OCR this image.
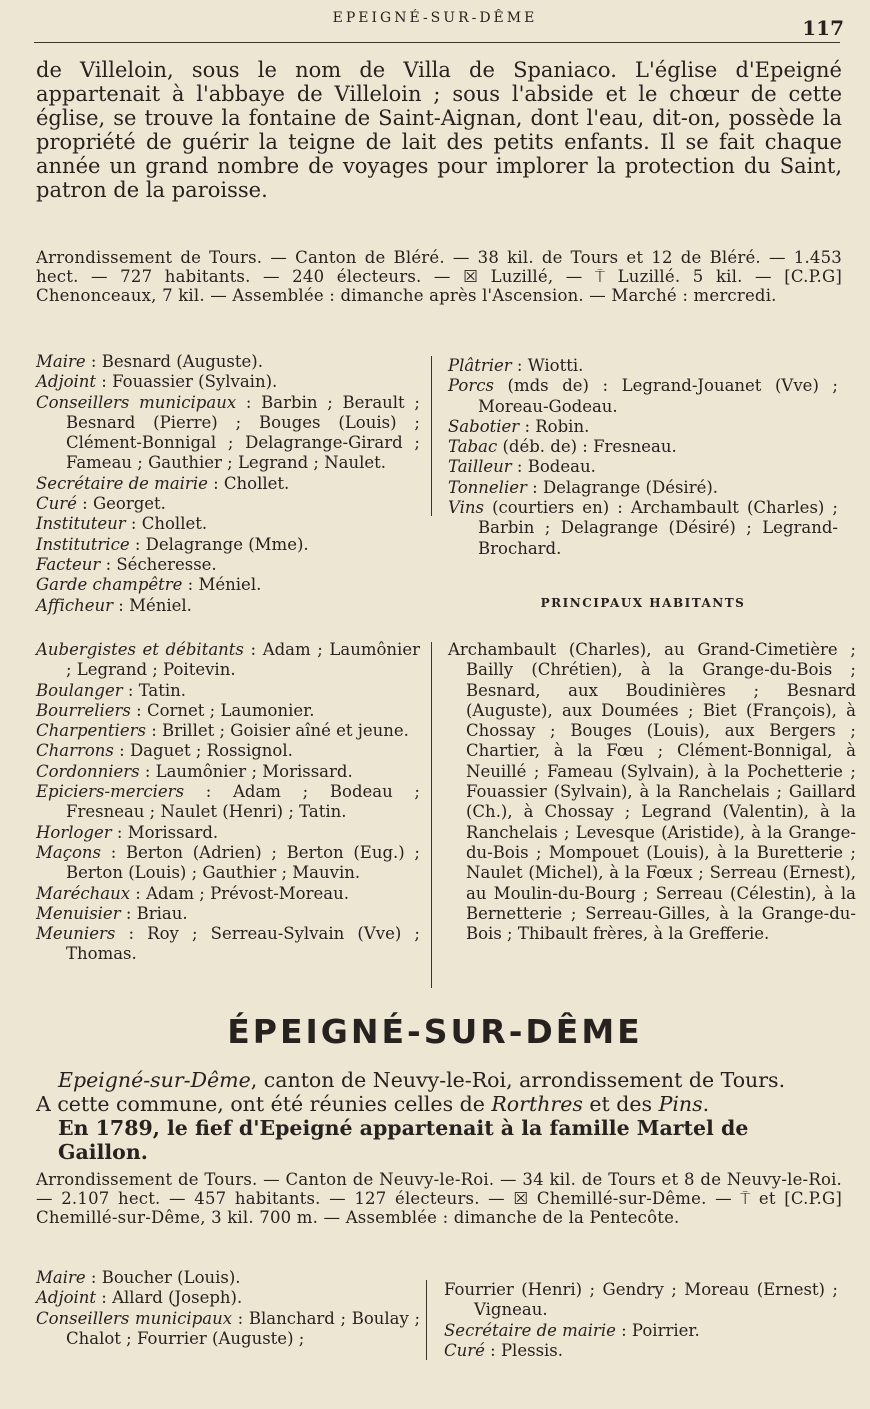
EPEIGNÉ-SUR-DÊME	117

de Villeloin, sous le nom de Villa de Spaniaco. L'église d'Epeigné appartenait à l'abbaye de Villeloin ; sous l'abside et le chœur de cette église, se trouve la fontaine de Saint-Aignan, dont l'eau, dit-on, possède la propriété de guérir la teigne de lait des petits enfants. Il se fait chaque année un grand nombre de voyages pour implorer la protection du Saint, patron de la paroisse.

Arrondissement de Tours. — Canton de Bléré. — 38 kil. de Tours et 12 de Bléré. — 1.453 hect. — 727 habitants. — 240 électeurs. — ☒ Luzillé, — ⍑ Luzillé. 5 kil. — [C.P.G] Chenonceaux, 7 kil. — Assemblée : dimanche après l'Ascension. — Marché : mercredi.

Maire : Besnard (Auguste).

Adjoint : Fouassier (Sylvain).

Conseillers municipaux : Barbin ; Berault ; Besnard (Pierre) ; Bouges (Louis) ; Clément-Bonnigal ; Delagrange-Girard ; Fameau ; Gauthier ; Legrand ; Naulet.

Secrétaire de mairie : Chollet.

Curé : Georget.

Instituteur : Chollet.

Institutrice : Delagrange (Mme).

Facteur : Sécheresse.

Garde champêtre : Méniel.

Afficheur : Méniel.

Plâtrier : Wiotti.

Porcs (mds de) : Legrand-Jouanet (Vve) ; Moreau-Godeau.

Sabotier : Robin.

Tabac (déb. de) : Fresneau.

Tailleur : Bodeau.

Tonnelier : Delagrange (Désiré).

Vins (courtiers en) : Archambault (Charles) ; Barbin ; Delagrange (Désiré) ; Legrand-Brochard.

PRINCIPAUX HABITANTS

Aubergistes et débitants : Adam ; Laumônier ; Legrand ; Poitevin.

Boulanger : Tatin.

Bourreliers : Cornet ; Laumonier.

Charpentiers : Brillet ; Goisier aîné et jeune.

Charrons : Daguet ; Rossignol.

Cordonniers : Laumônier ; Morissard.

Epiciers-merciers : Adam ; Bodeau ; Fresneau ; Naulet (Henri) ; Tatin.

Horloger : Morissard.

Maçons : Berton (Adrien) ; Berton (Eug.) ; Berton (Louis) ; Gauthier ; Mauvin.

Maréchaux : Adam ; Prévost-Moreau.

Menuisier : Briau.

Meuniers : Roy ; Serreau-Sylvain (Vve) ; Thomas.

Archambault (Charles), au Grand-Cimetière ; Bailly (Chrétien), à la Grange-du-Bois ; Besnard, aux Boudinières ; Besnard (Auguste), aux Doumées ; Biet (François), à Chossay ; Bouges (Louis), aux Bergers ; Chartier, à la Fœu ; Clément-Bonnigal, à Neuillé ; Fameau (Sylvain), à la Pochetterie ; Fouassier (Sylvain), à la Ranchelais ; Gaillard (Ch.), à Chossay ; Legrand (Valentin), à la Ranchelais ; Levesque (Aristide), à la Grange-du-Bois ; Mompouet (Louis), à la Buretterie ; Naulet (Michel), à la Fœux ; Serreau (Ernest), au Moulin-du-Bourg ; Serreau (Célestin), à la Bernetterie ; Serreau-Gilles, à la Grange-du-Bois ; Thibault frères, à la Grefferie.

ÉPEIGNÉ-SUR-DÊME
Epeigné-sur-Dême, canton de Neuvy-le-Roi, arrondissement de Tours.
A cette commune, ont été réunies celles de Rorthres et des Pins.
En 1789, le fief d'Epeigné appartenait à la famille Martel de Gaillon.

Arrondissement de Tours. — Canton de Neuvy-le-Roi. — 34 kil. de Tours et 8 de Neuvy-le-Roi. — 2.107 hect. — 457 habitants. — 127 électeurs. — ☒ Chemillé-sur-Dême. — ⍑ et [C.P.G] Chemillé-sur-Dême, 3 kil. 700 m. — Assemblée : dimanche de la Pentecôte.

Maire : Boucher (Louis).

Adjoint : Allard (Joseph).

Conseillers municipaux : Blanchard ; Boulay ; Chalot ; Fourrier (Auguste) ;

Fourrier (Henri) ; Gendry ; Moreau (Ernest) ; Vigneau.

Secrétaire de mairie : Poirrier.

Curé : Plessis.
